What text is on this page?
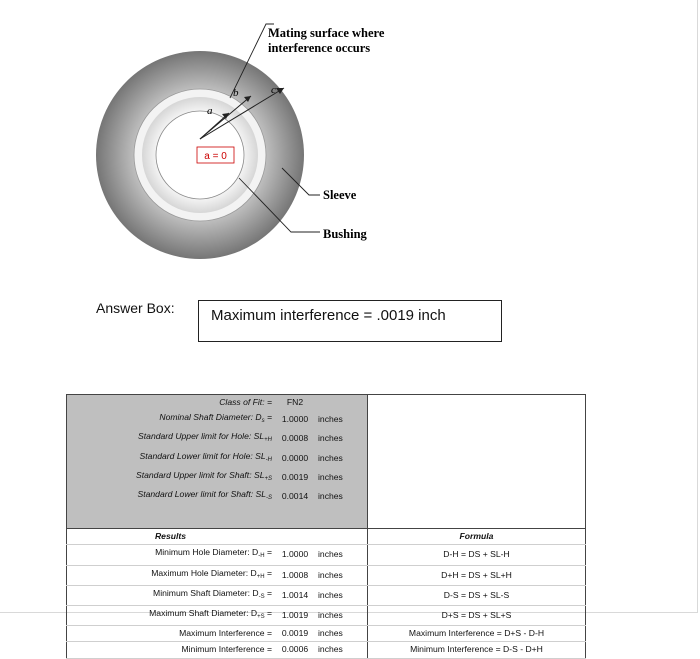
a
b	c
a = 0
Mating surface where
interference occurs
Sleeve
Bushing
Answer Box:	Maximum interference = .0019 inch
Class of Fit: =	FN2			
Nominal Shaft Diameter: $D_s$ =	1.0000	inches		
Standard Upper limit for Hole: $SL_{+H}$	0.0008	inches		
Standard Lower limit for Hole: $SL_{-H}$	0.0000	inches		
Standard Upper limit for Shaft: $SL_{+S}$	0.0019	inches		
Standard Lower limit for Shaft: $SL_{-S}$	0.0014	inches		

Results				Formula
Minimum Hole Diameter: $D_{-H}$ =	1.0000	inches		D-H = DS + SL-H
Maximum Hole Diameter: $D_{+H}$ =	1.0008	inches		D+H = DS + SL+H
Minimum Shaft Diameter: $D_{-S}$ =	1.0014	inches		D-S = DS + SL-S
Maximum Shaft Diameter: $D_{+S}$ =	1.0019	inches		D+S = DS + SL+S
Maximum Interference =	0.0019	inches		Maximum Interference = D+S - D-H
Minimum Interference =	0.0006	inches		Minimum Interference = D-S - D+H
